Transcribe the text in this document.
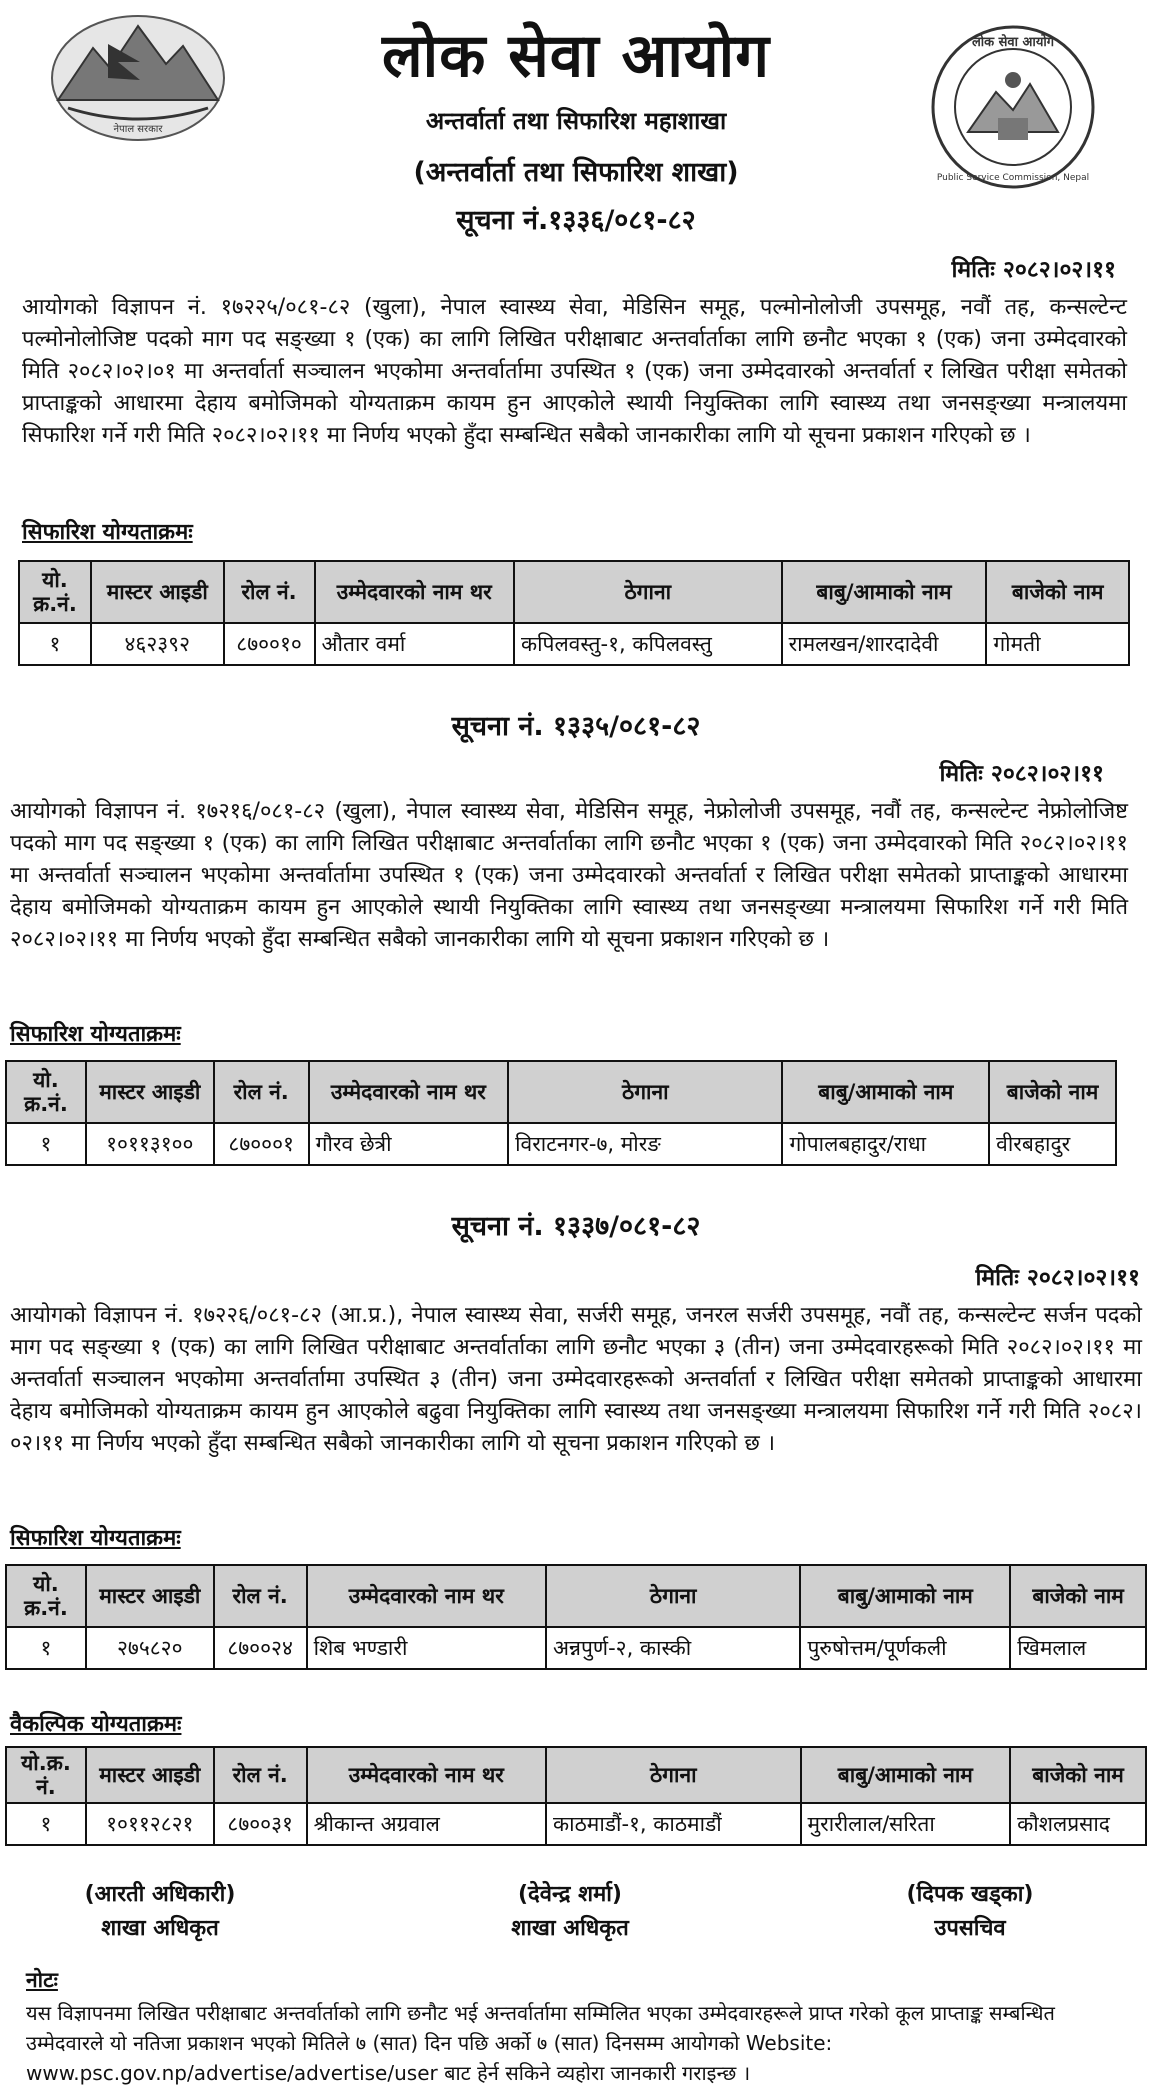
नेपाल सरकार
लोक सेवा आयोग
Public Service Commission, Nepal
लोक सेवा आयोग
अन्तर्वार्ता तथा सिफारिश महाशाखा
(अन्तर्वार्ता तथा सिफारिश शाखा)
सूचना नं.१३३६/०८१-८२
मितिः २०८२।०२।११
आयोगको विज्ञापन नं. १७२२५/०८१-८२ (खुला), नेपाल स्वास्थ्य सेवा, मेडिसिन समूह, पल्मोनोलोजी उपसमूह, नवौं तह, कन्सल्टेन्ट पल्मोनोलोजिष्ट पदको माग पद सङ्ख्या १ (एक) का लागि लिखित परीक्षाबाट अन्तर्वार्ताका लागि छनौट भएका १ (एक) जना उम्मेदवारको मिति २०८२।०२।०१ मा अन्तर्वार्ता सञ्चालन भएकोमा अन्तर्वार्तामा उपस्थित १ (एक) जना उम्मेदवारको अन्तर्वार्ता र लिखित परीक्षा समेतको प्राप्ताङ्कको आधारमा देहाय बमोजिमको योग्यताक्रम कायम हुन आएकोले स्थायी नियुक्तिका लागि स्वास्थ्य तथा जनसङ्ख्या मन्त्रालयमा सिफारिश गर्ने गरी मिति २०८२।०२।११ मा निर्णय भएको हुँदा सम्बन्धित सबैको जानकारीका लागि यो सूचना प्रकाशन गरिएको छ ।
सिफारिश योग्यताक्रमः
यो. क्र.नं.	मास्टर आइडी	रोल नं.	उम्मेदवारको नाम थर	ठेगाना	बाबु/आमाको नाम	बाजेको नाम
१	४६२३९२	८७००१०	औतार वर्मा	कपिलवस्तु-१, कपिलवस्तु	रामलखन/शारदादेवी	गोमती
सूचना नं. १३३५/०८१-८२
मितिः २०८२।०२।११
आयोगको विज्ञापन नं. १७२१६/०८१-८२ (खुला), नेपाल स्वास्थ्य सेवा, मेडिसिन समूह, नेफ्रोलोजी उपसमूह, नवौं तह, कन्सल्टेन्ट नेफ्रोलोजिष्ट पदको माग पद सङ्ख्या १ (एक) का लागि लिखित परीक्षाबाट अन्तर्वार्ताका लागि छनौट भएका १ (एक) जना उम्मेदवारको मिति २०८२।०२।११ मा अन्तर्वार्ता सञ्चालन भएकोमा अन्तर्वार्तामा उपस्थित १ (एक) जना उम्मेदवारको अन्तर्वार्ता र लिखित परीक्षा समेतको प्राप्ताङ्कको आधारमा देहाय बमोजिमको योग्यताक्रम कायम हुन आएकोले स्थायी नियुक्तिका लागि स्वास्थ्य तथा जनसङ्ख्या मन्त्रालयमा सिफारिश गर्ने गरी मिति २०८२।०२।११ मा निर्णय भएको हुँदा सम्बन्धित सबैको जानकारीका लागि यो सूचना प्रकाशन गरिएको छ ।
सिफारिश योग्यताक्रमः
यो. क्र.नं.	मास्टर आइडी	रोल नं.	उम्मेदवारको नाम थर	ठेगाना	बाबु/आमाको नाम	बाजेको नाम
१	१०११३१००	८७०००१	गौरव छेत्री	विराटनगर-७, मोरङ	गोपालबहादुर/राधा	वीरबहादुर
सूचना नं. १३३७/०८१-८२
मितिः २०८२।०२।११
आयोगको विज्ञापन नं. १७२२६/०८१-८२ (आ.प्र.), नेपाल स्वास्थ्य सेवा, सर्जरी समूह, जनरल सर्जरी उपसमूह, नवौं तह, कन्सल्टेन्ट सर्जन पदको माग पद सङ्ख्या १ (एक) का लागि लिखित परीक्षाबाट अन्तर्वार्ताका लागि छनौट भएका ३ (तीन) जना उम्मेदवारहरूको मिति २०८२।०२।११ मा अन्तर्वार्ता सञ्चालन भएकोमा अन्तर्वार्तामा उपस्थित ३ (तीन) जना उम्मेदवारहरूको अन्तर्वार्ता र लिखित परीक्षा समेतको प्राप्ताङ्कको आधारमा देहाय बमोजिमको योग्यताक्रम कायम हुन आएकोले बढुवा नियुक्तिका लागि स्वास्थ्य तथा जनसङ्ख्या मन्त्रालयमा सिफारिश गर्ने गरी मिति २०८२।०२।११ मा निर्णय भएको हुँदा सम्बन्धित सबैको जानकारीका लागि यो सूचना प्रकाशन गरिएको छ ।
सिफारिश योग्यताक्रमः
यो. क्र.नं.	मास्टर आइडी	रोल नं.	उम्मेदवारको नाम थर	ठेगाना	बाबु/आमाको नाम	बाजेको नाम
१	२७५८२०	८७००२४	शिब भण्डारी	अन्नपुर्ण-२, कास्की	पुरुषोत्तम/पूर्णकली	खिमलाल
वैकल्पिक योग्यताक्रमः
यो.क्र. नं.	मास्टर आइडी	रोल नं.	उम्मेदवारको नाम थर	ठेगाना	बाबु/आमाको नाम	बाजेको नाम
१	१०११२८२१	८७००३१	श्रीकान्त अग्रवाल	काठमाडौं-१, काठमाडौं	मुरारीलाल/सरिता	कौशलप्रसाद
(आरती अधिकारी)
शाखा अधिकृत
(देवेन्द्र शर्मा)
शाखा अधिकृत
(दिपक खड्का)
उपसचिव
नोटः
यस विज्ञापनमा लिखित परीक्षाबाट अन्तर्वार्ताको लागि छनौट भई अन्तर्वार्तामा सम्मिलित भएका उम्मेदवारहरूले प्राप्त गरेको कूल प्राप्ताङ्क सम्बन्धित
उम्मेदवारले यो नतिजा प्रकाशन भएको मितिले ७ (सात) दिन पछि अर्को ७ (सात) दिनसम्म आयोगको Website:
www.psc.gov.np/advertise/advertise/user बाट हेर्न सकिने व्यहोरा जानकारी गराइन्छ ।
